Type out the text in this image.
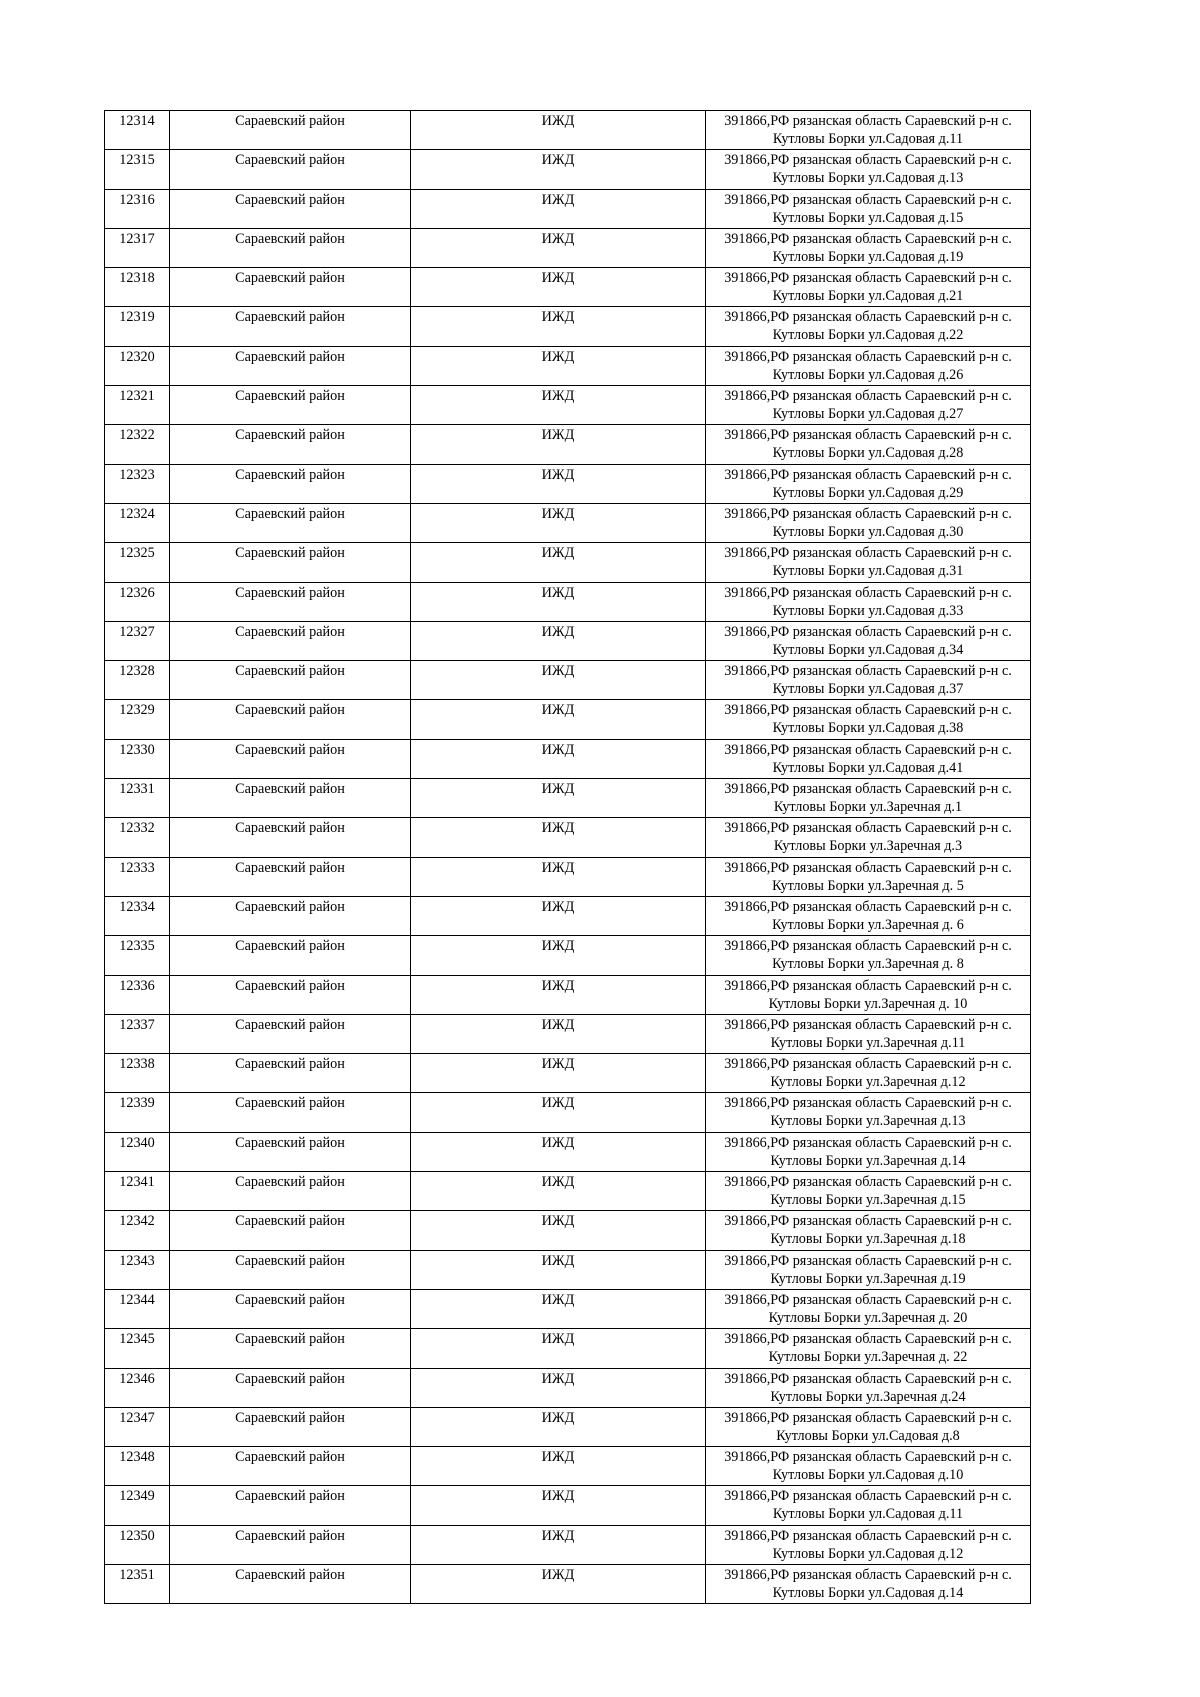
12314	Сараевский район	ИЖД	391866,РФ рязанская область Сараевский р-н с.
Кутловы Борки ул.Садовая д.11

12315	Сараевский район	ИЖД	391866,РФ рязанская область Сараевский р-н с.
Кутловы Борки ул.Садовая д.13

12316	Сараевский район	ИЖД	391866,РФ рязанская область Сараевский р-н с.
Кутловы Борки ул.Садовая д.15

12317	Сараевский район	ИЖД	391866,РФ рязанская область Сараевский р-н с.
Кутловы Борки ул.Садовая д.19

12318	Сараевский район	ИЖД	391866,РФ рязанская область Сараевский р-н с.
Кутловы Борки ул.Садовая д.21

12319	Сараевский район	ИЖД	391866,РФ рязанская область Сараевский р-н с.
Кутловы Борки ул.Садовая д.22

12320	Сараевский район	ИЖД	391866,РФ рязанская область Сараевский р-н с.
Кутловы Борки ул.Садовая д.26

12321	Сараевский район	ИЖД	391866,РФ рязанская область Сараевский р-н с.
Кутловы Борки ул.Садовая д.27

12322	Сараевский район	ИЖД	391866,РФ рязанская область Сараевский р-н с.
Кутловы Борки ул.Садовая д.28

12323	Сараевский район	ИЖД	391866,РФ рязанская область Сараевский р-н с.
Кутловы Борки ул.Садовая д.29

12324	Сараевский район	ИЖД	391866,РФ рязанская область Сараевский р-н с.
Кутловы Борки ул.Садовая д.30

12325	Сараевский район	ИЖД	391866,РФ рязанская область Сараевский р-н с.
Кутловы Борки ул.Садовая д.31

12326	Сараевский район	ИЖД	391866,РФ рязанская область Сараевский р-н с.
Кутловы Борки ул.Садовая д.33

12327	Сараевский район	ИЖД	391866,РФ рязанская область Сараевский р-н с.
Кутловы Борки ул.Садовая д.34

12328	Сараевский район	ИЖД	391866,РФ рязанская область Сараевский р-н с.
Кутловы Борки ул.Садовая д.37

12329	Сараевский район	ИЖД	391866,РФ рязанская область Сараевский р-н с.
Кутловы Борки ул.Садовая д.38

12330	Сараевский район	ИЖД	391866,РФ рязанская область Сараевский р-н с.
Кутловы Борки ул.Садовая д.41

12331	Сараевский район	ИЖД	391866,РФ рязанская область Сараевский р-н с.
Кутловы Борки ул.Заречная д.1

12332	Сараевский район	ИЖД	391866,РФ рязанская область Сараевский р-н с.
Кутловы Борки ул.Заречная д.3

12333	Сараевский район	ИЖД	391866,РФ рязанская область Сараевский р-н с.
Кутловы Борки ул.Заречная д. 5

12334	Сараевский район	ИЖД	391866,РФ рязанская область Сараевский р-н с.
Кутловы Борки ул.Заречная д. 6

12335	Сараевский район	ИЖД	391866,РФ рязанская область Сараевский р-н с.
Кутловы Борки ул.Заречная д. 8

12336	Сараевский район	ИЖД	391866,РФ рязанская область Сараевский р-н с.
Кутловы Борки ул.Заречная д. 10

12337	Сараевский район	ИЖД	391866,РФ рязанская область Сараевский р-н с.
Кутловы Борки ул.Заречная д.11

12338	Сараевский район	ИЖД	391866,РФ рязанская область Сараевский р-н с.
Кутловы Борки ул.Заречная д.12

12339	Сараевский район	ИЖД	391866,РФ рязанская область Сараевский р-н с.
Кутловы Борки ул.Заречная д.13

12340	Сараевский район	ИЖД	391866,РФ рязанская область Сараевский р-н с.
Кутловы Борки ул.Заречная д.14

12341	Сараевский район	ИЖД	391866,РФ рязанская область Сараевский р-н с.
Кутловы Борки ул.Заречная д.15

12342	Сараевский район	ИЖД	391866,РФ рязанская область Сараевский р-н с.
Кутловы Борки ул.Заречная д.18

12343	Сараевский район	ИЖД	391866,РФ рязанская область Сараевский р-н с.
Кутловы Борки ул.Заречная д.19

12344	Сараевский район	ИЖД	391866,РФ рязанская область Сараевский р-н с.
Кутловы Борки ул.Заречная д. 20

12345	Сараевский район	ИЖД	391866,РФ рязанская область Сараевский р-н с.
Кутловы Борки ул.Заречная д. 22

12346	Сараевский район	ИЖД	391866,РФ рязанская область Сараевский р-н с.
Кутловы Борки ул.Заречная д.24

12347	Сараевский район	ИЖД	391866,РФ рязанская область Сараевский р-н с.
Кутловы Борки ул.Садовая д.8

12348	Сараевский район	ИЖД	391866,РФ рязанская область Сараевский р-н с.
Кутловы Борки ул.Садовая д.10

12349	Сараевский район	ИЖД	391866,РФ рязанская область Сараевский р-н с.
Кутловы Борки ул.Садовая д.11

12350	Сараевский район	ИЖД	391866,РФ рязанская область Сараевский р-н с.
Кутловы Борки ул.Садовая д.12

12351	Сараевский район	ИЖД	391866,РФ рязанская область Сараевский р-н с.
Кутловы Борки ул.Садовая д.14
